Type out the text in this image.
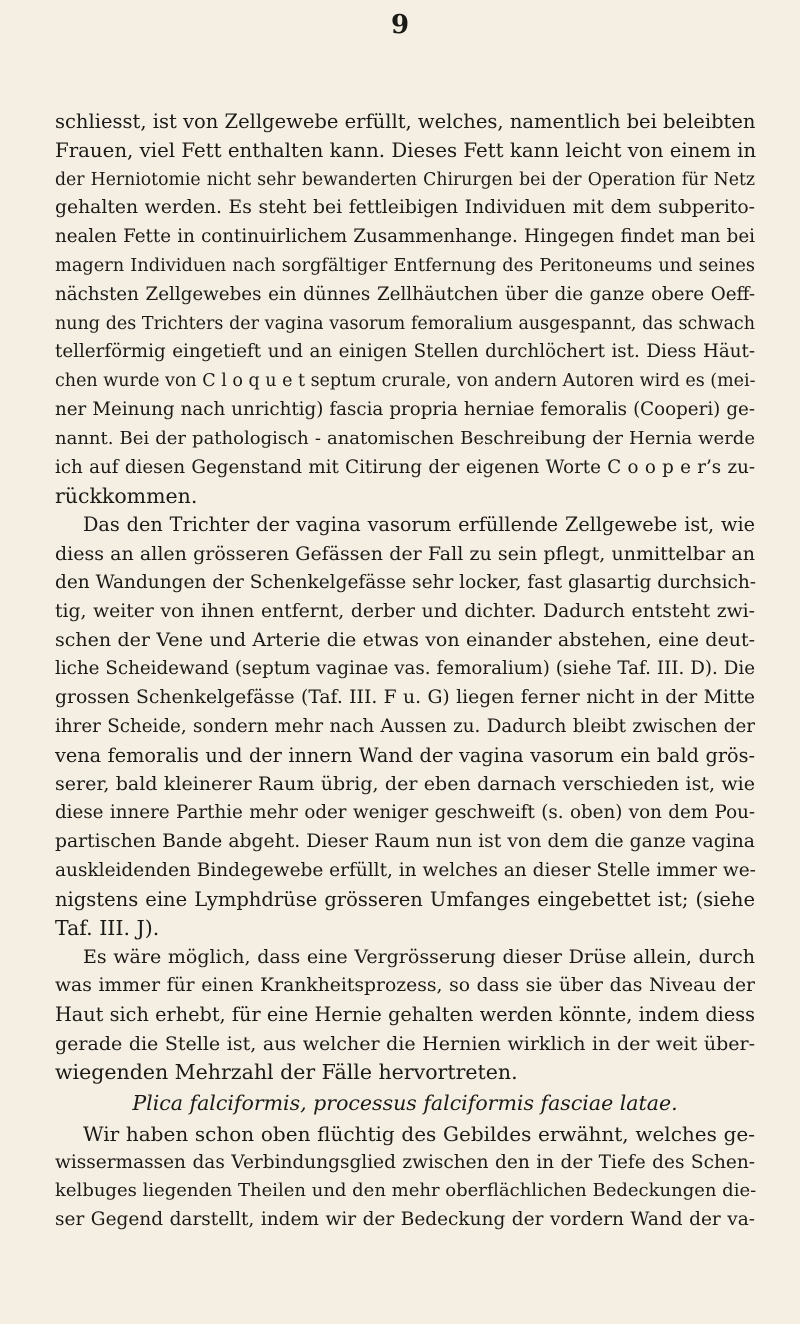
9
schliesst, ist von Zellgewebe erfüllt, welches, namentlich bei beleibten
Frauen, viel Fett enthalten kann. Dieses Fett kann leicht von einem in
der Herniotomie nicht sehr bewanderten Chirurgen bei der Operation für Netz
gehalten werden. Es steht bei fettleibigen Individuen mit dem subperito-
nealen Fette in continuirlichem Zusammenhange. Hingegen findet man bei
magern Individuen nach sorgfältiger Entfernung des Peritoneums und seines
nächsten Zellgewebes ein dünnes Zellhäutchen über die ganze obere Oeff-
nung des Trichters der vagina vasorum femoralium ausgespannt, das schwach
tellerförmig eingetieft und an einigen Stellen durchlöchert ist. Diess Häut-
chen wurde von C l o q u e t septum crurale, von andern Autoren wird es (mei-
ner Meinung nach unrichtig) fascia propria herniae femoralis (Cooperi) ge-
nannt. Bei der pathologisch - anatomischen Beschreibung der Hernia werde
ich auf diesen Gegenstand mit Citirung der eigenen Worte C o o p e r’s zu-
rückkommen.
Das den Trichter der vagina vasorum erfüllende Zellgewebe ist, wie
diess an allen grösseren Gefässen der Fall zu sein pflegt, unmittelbar an
den Wandungen der Schenkelgefässe sehr locker, fast glasartig durchsich-
tig, weiter von ihnen entfernt, derber und dichter. Dadurch entsteht zwi-
schen der Vene und Arterie die etwas von einander abstehen, eine deut-
liche Scheidewand (septum vaginae vas. femoralium) (siehe Taf. III. D). Die
grossen Schenkelgefässe (Taf. III. F u. G) liegen ferner nicht in der Mitte
ihrer Scheide, sondern mehr nach Aussen zu. Dadurch bleibt zwischen der
vena femoralis und der innern Wand der vagina vasorum ein bald grös-
serer, bald kleinerer Raum übrig, der eben darnach verschieden ist, wie
diese innere Parthie mehr oder weniger geschweift (s. oben) von dem Pou-
partischen Bande abgeht. Dieser Raum nun ist von dem die ganze vagina
auskleidenden Bindegewebe erfüllt, in welches an dieser Stelle immer we-
nigstens eine Lymphdrüse grösseren Umfanges eingebettet ist; (siehe
Taf. III. J).
Es wäre möglich, dass eine Vergrösserung dieser Drüse allein, durch
was immer für einen Krankheitsprozess, so dass sie über das Niveau der
Haut sich erhebt, für eine Hernie gehalten werden könnte, indem diess
gerade die Stelle ist, aus welcher die Hernien wirklich in der weit über-
wiegenden Mehrzahl der Fälle hervortreten.
Plica falciformis, processus falciformis fasciae latae.
Wir haben schon oben flüchtig des Gebildes erwähnt, welches ge-
wissermassen das Verbindungsglied zwischen den in der Tiefe des Schen-
kelbuges liegenden Theilen und den mehr oberflächlichen Bedeckungen die-
ser Gegend darstellt, indem wir der Bedeckung der vordern Wand der va-
